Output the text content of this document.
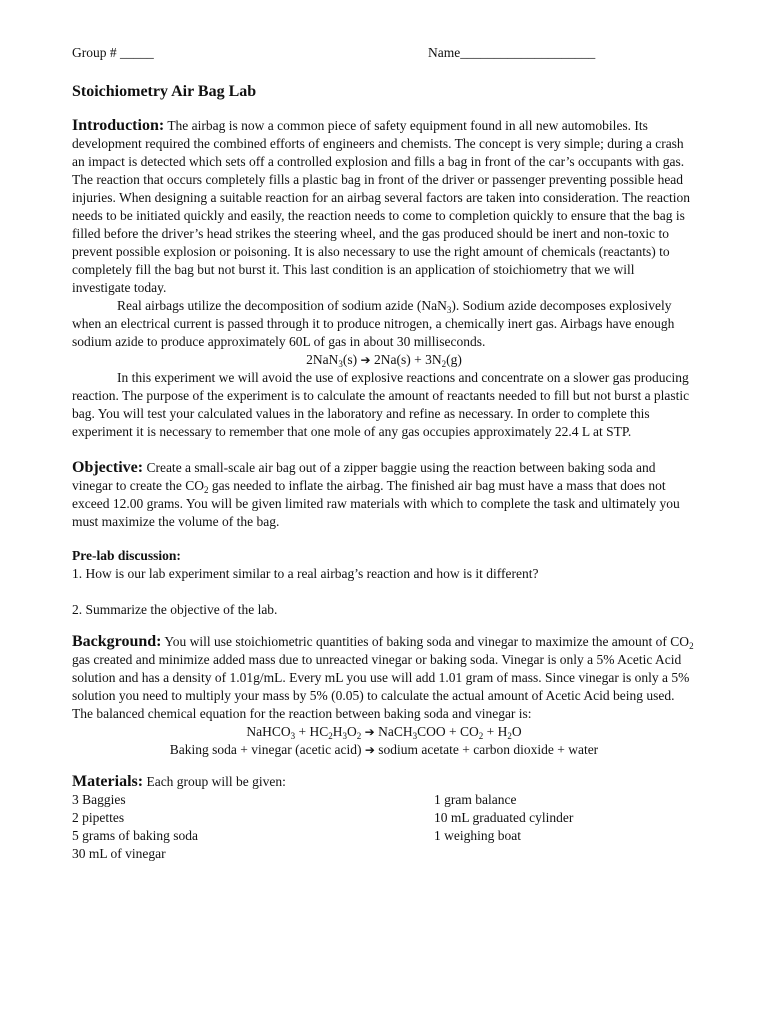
Group # _____	Name____________________
Stoichiometry Air Bag Lab
Introduction: The airbag is now a common piece of safety equipment found in all new automobiles. Its development required the combined efforts of engineers and chemists. The concept is very simple; during a crash an impact is detected which sets off a controlled explosion and fills a bag in front of the car’s occupants with gas. The reaction that occurs completely fills a plastic bag in front of the driver or passenger preventing possible head injuries. When designing a suitable reaction for an airbag several factors are taken into consideration. The reaction needs to be initiated quickly and easily, the reaction needs to come to completion quickly to ensure that the bag is filled before the driver’s head strikes the steering wheel, and the gas produced should be inert and non-toxic to prevent possible explosion or poisoning. It is also necessary to use the right amount of chemicals (reactants) to completely fill the bag but not burst it. This last condition is an application of stoichiometry that we will investigate today.
Real airbags utilize the decomposition of sodium azide (NaN$_3$). Sodium azide decomposes explosively when an electrical current is passed through it to produce nitrogen, a chemically inert gas. Airbags have enough sodium azide to produce approximately 60L of gas in about 30 milliseconds.
2NaN$_3$(s) ➔ $2Na(s) + 3N_2(g)$
In this experiment we will avoid the use of explosive reactions and concentrate on a slower gas producing reaction. The purpose of the experiment is to calculate the amount of reactants needed to fill but not burst a plastic bag. You will test your calculated values in the laboratory and refine as necessary. In order to complete this experiment it is necessary to remember that one mole of any gas occupies approximately 22.4 L at STP.
Objective: Create a small-scale air bag out of a zipper baggie using the reaction between baking soda and vinegar to create the $CO_2$ gas needed to inflate the airbag. The finished air bag must have a mass that does not exceed 12.00 grams. You will be given limited raw materials with which to complete the task and ultimately you must maximize the volume of the bag.
Pre-lab discussion:
1. How is our lab experiment similar to a real airbag’s reaction and how is it different?
2. Summarize the objective of the lab.
Background: You will use stoichiometric quantities of baking soda and vinegar to maximize the amount of $CO_2$ gas created and minimize added mass due to unreacted vinegar or baking soda. Vinegar is only a 5% Acetic Acid solution and has a density of 1.01g/mL. Every mL you use will add 1.01 gram of mass. Since vinegar is only a 5% solution you need to multiply your mass by 5% (0.05) to calculate the actual amount of Acetic Acid being used. The balanced chemical equation for the reaction between baking soda and vinegar is:
NaHCO$_3$ + $HC_2H_3O_2$ ➔ NaCH$_3$COO + $CO_2 + H_2O$
Baking soda + vinegar (acetic acid) ➔ sodium acetate + carbon dioxide + water
Materials: Each group will be given:
3 Baggies
2 pipettes
5 grams of baking soda
30 mL of vinegar
1 gram balance
10 mL graduated cylinder
1 weighing boat
